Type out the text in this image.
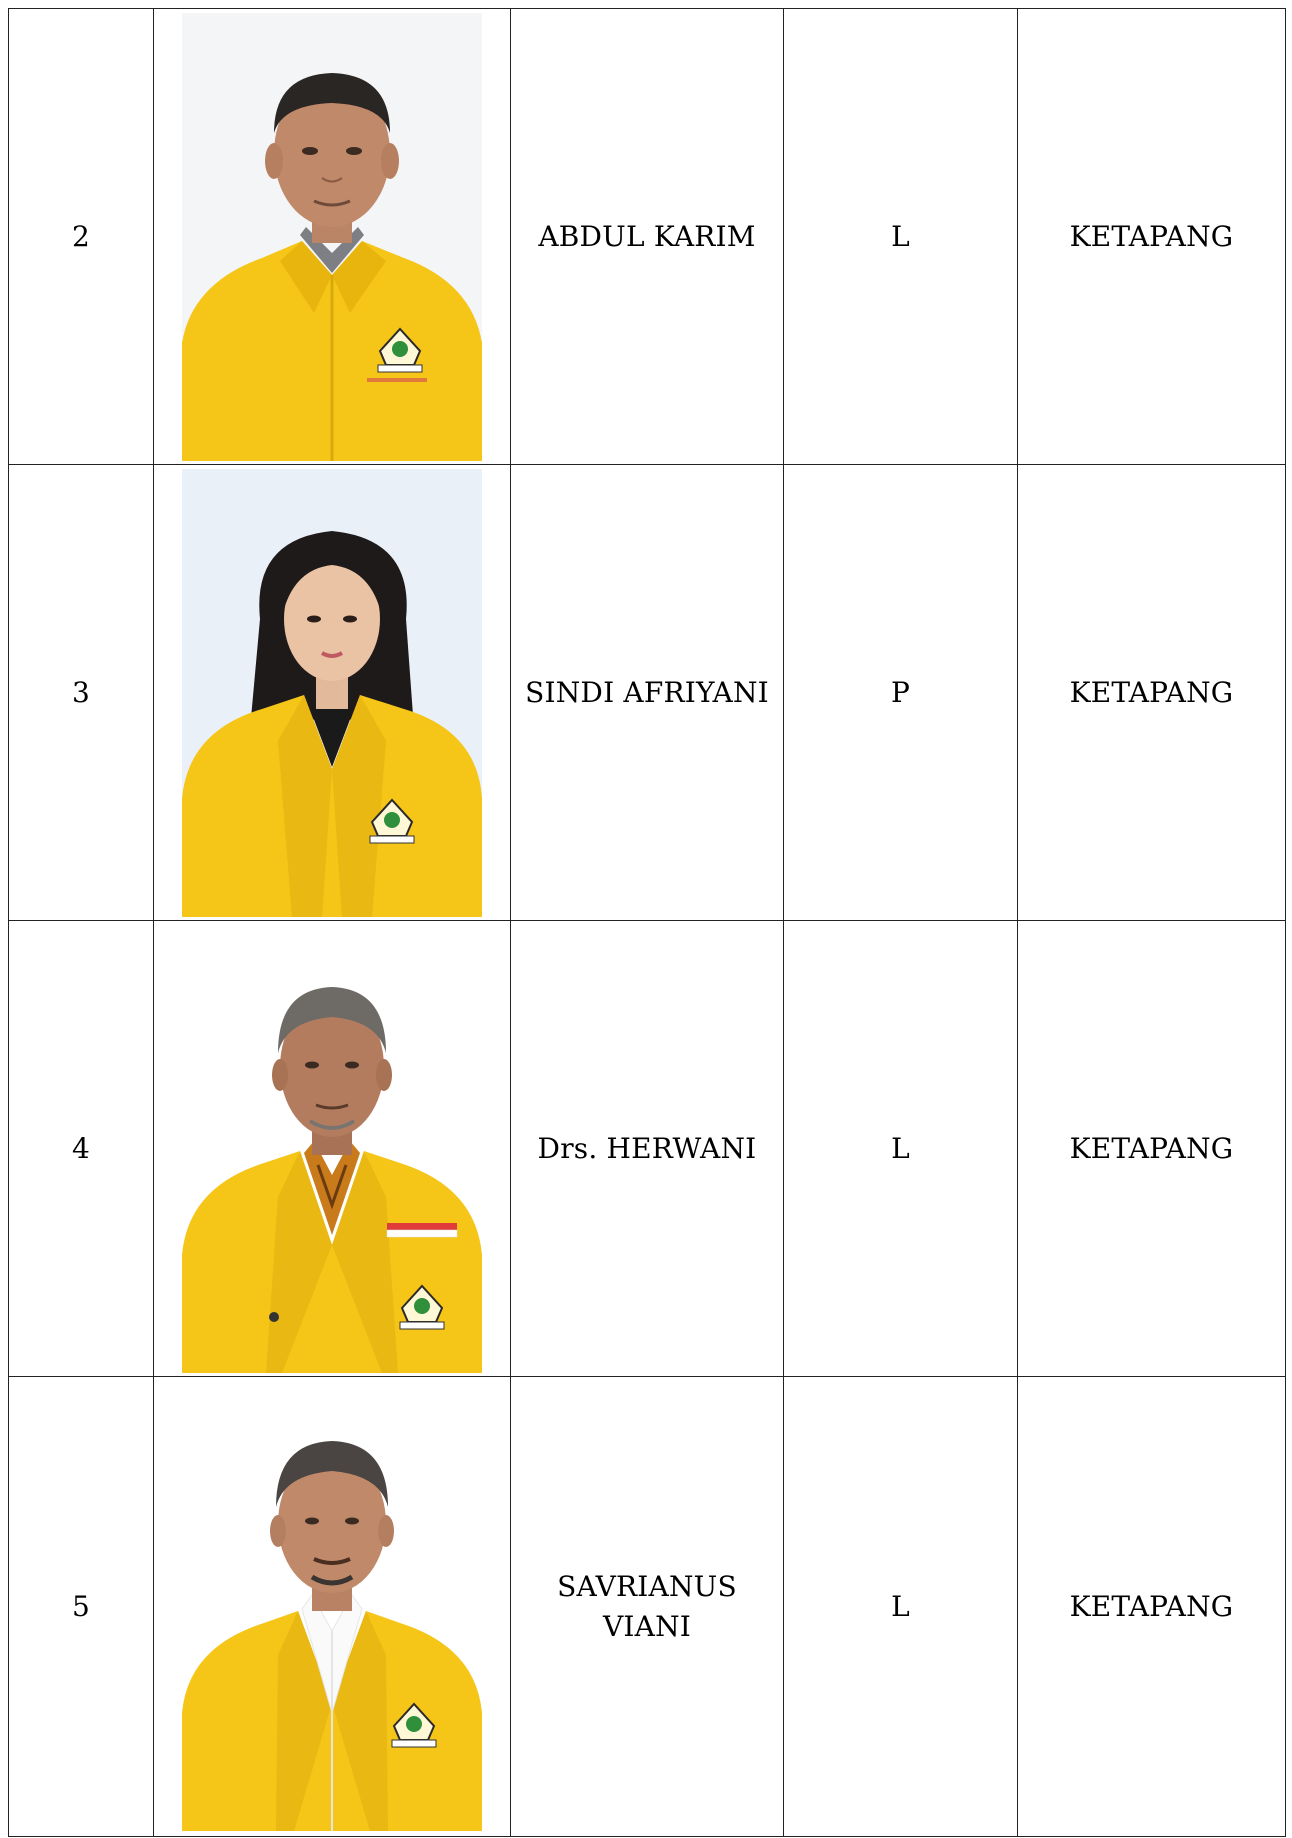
2		ABDUL KARIM	L	KETAPANG
3		SINDI AFRIYANI	P	KETAPANG
4		Drs. HERWANI	L	KETAPANG
5		SAVRIANUS VIANI	L	KETAPANG
